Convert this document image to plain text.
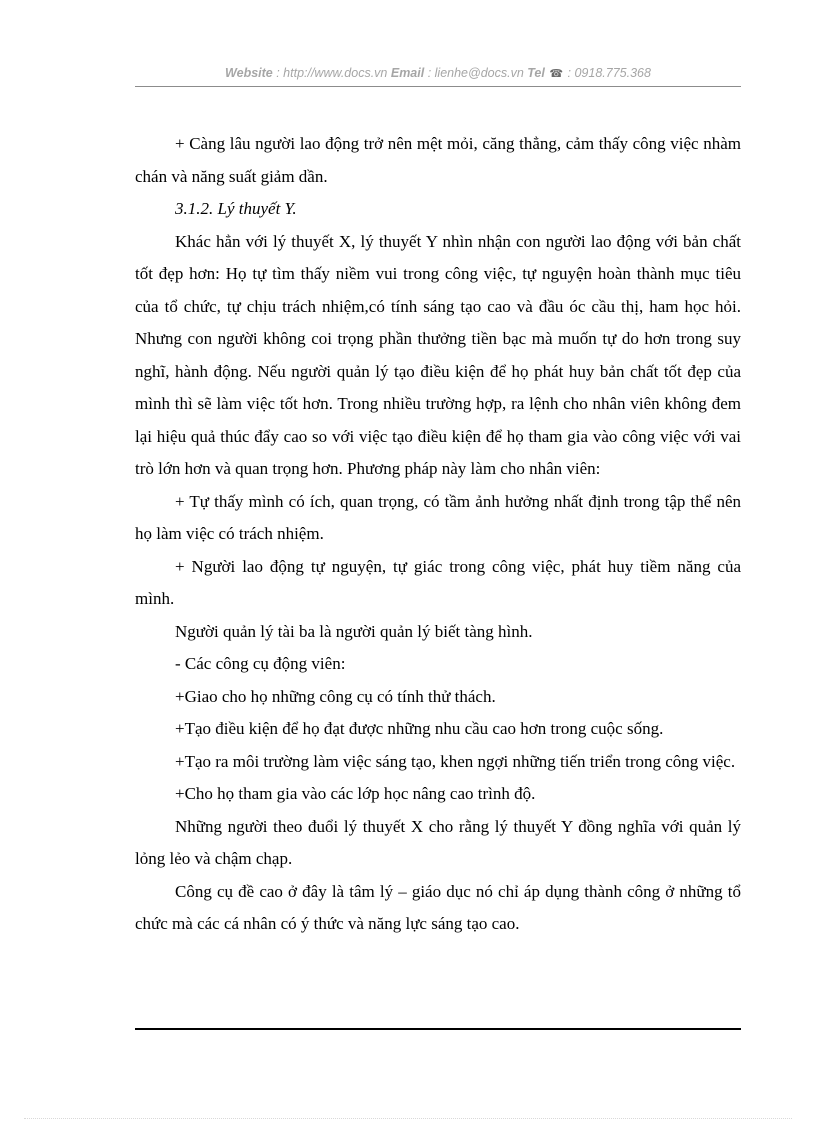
Website : http://www.docs.vn Email : lienhe@docs.vn Tel ☎ : 0918.775.368

+ Càng lâu người lao động trở nên mệt mỏi, căng thẳng, cảm thấy công việc nhàm chán và năng suất giảm dần.

3.1.2. Lý thuyết Y.

Khác hẳn với lý thuyết X, lý thuyết Y nhìn nhận con người lao động với bản chất tốt đẹp hơn: Họ tự tìm thấy niềm vui trong công việc, tự nguyện hoàn thành mục tiêu của tổ chức, tự chịu trách nhiệm,có tính sáng tạo cao và đầu óc cầu thị, ham học hỏi. Nhưng con người không coi trọng phần thưởng tiền bạc mà muốn tự do hơn trong suy nghĩ, hành động. Nếu người quản lý tạo điều kiện để họ phát huy bản chất tốt đẹp của mình thì sẽ làm việc tốt hơn. Trong nhiều trường hợp, ra lệnh cho nhân viên không đem lại hiệu quả thúc đẩy cao so với việc tạo điều kiện để họ tham gia vào công việc với vai trò lớn hơn và quan trọng hơn. Phương pháp này làm cho nhân viên:

+ Tự thấy mình có ích, quan trọng, có tầm ảnh hưởng nhất định trong tập thể nên họ làm việc có trách nhiệm.

+ Người lao động tự nguyện, tự giác trong công việc, phát huy tiềm năng của mình.

Người quản lý tài ba là người quản lý biết tàng hình.

- Các công cụ động viên:

+Giao cho họ những công cụ có tính thử thách.

+Tạo điều kiện để họ đạt được những nhu cầu cao hơn trong cuộc sống.

+Tạo ra môi trường làm việc sáng tạo, khen ngợi những tiến triển trong công việc.

+Cho họ tham gia vào các lớp học nâng cao trình độ.

Những người theo đuổi lý thuyết X cho rằng lý thuyết Y đồng nghĩa với quản lý lỏng lẻo và chậm chạp.

Công cụ đề cao ở đây là tâm lý – giáo dục nó chỉ áp dụng thành công ở những tổ chức mà các cá nhân có ý thức và năng lực sáng tạo cao.
